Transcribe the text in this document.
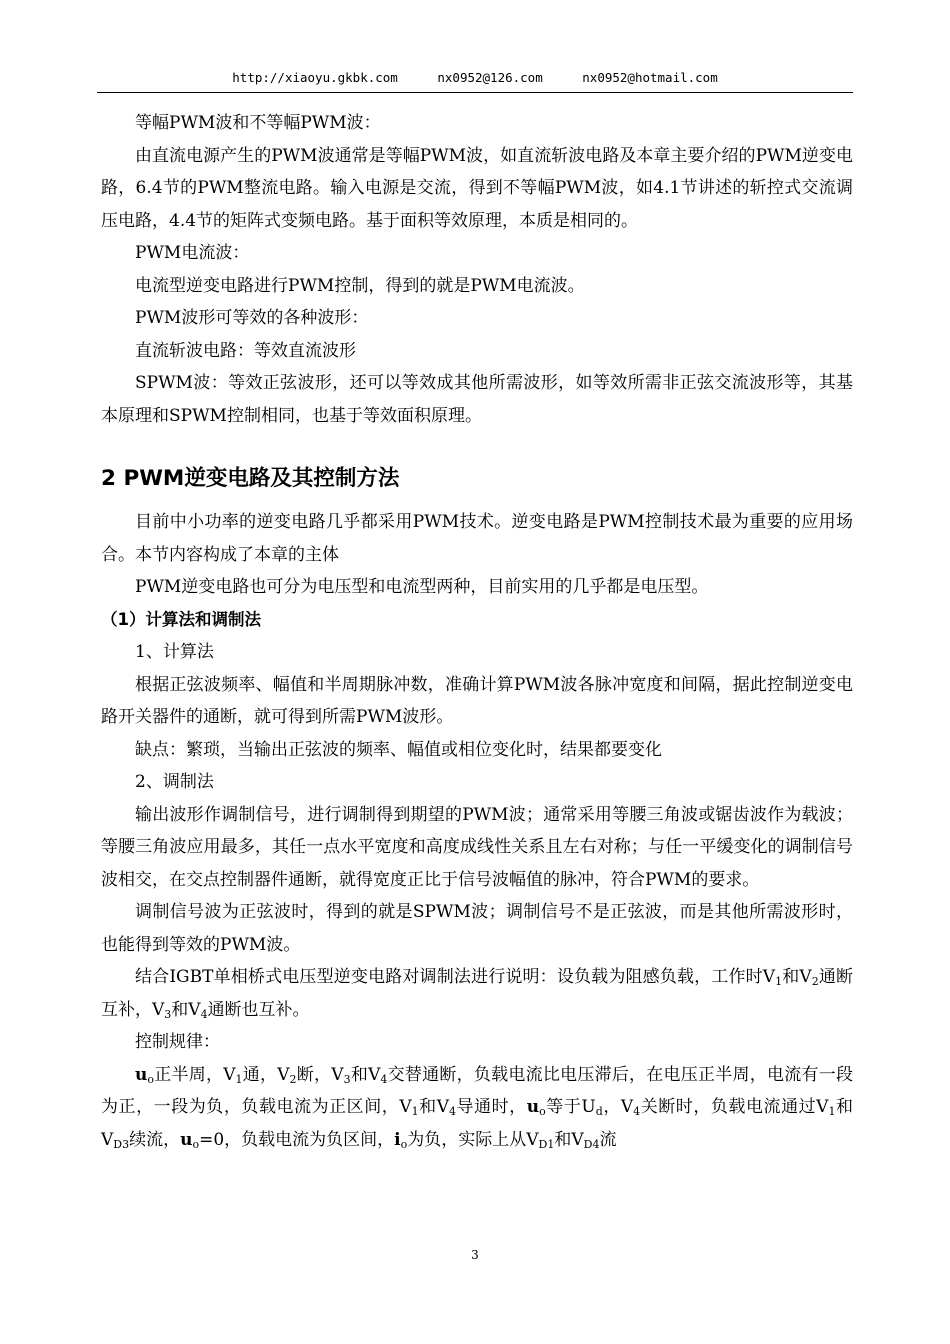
http://xiaoyu.gkbk.com	nx0952@126.com	nx0952@hotmail.com

等幅PWM波和不等幅PWM波：

由直流电源产生的PWM波通常是等幅PWM波，如直流斩波电路及本章主要介绍的PWM逆变电路，6.4节的PWM整流电路。输入电源是交流，得到不等幅PWM波，如4.1节讲述的斩控式交流调压电路，4.4节的矩阵式变频电路。基于面积等效原理，本质是相同的。

PWM电流波：

电流型逆变电路进行PWM控制，得到的就是PWM电流波。

PWM波形可等效的各种波形：

直流斩波电路：等效直流波形

SPWM波：等效正弦波形，还可以等效成其他所需波形，如等效所需非正弦交流波形等，其基本原理和SPWM控制相同，也基于等效面积原理。

2 PWM逆变电路及其控制方法

目前中小功率的逆变电路几乎都采用PWM技术。逆变电路是PWM控制技术最为重要的应用场合。本节内容构成了本章的主体

PWM逆变电路也可分为电压型和电流型两种，目前实用的几乎都是电压型。

（1）计算法和调制法

1、计算法

根据正弦波频率、幅值和半周期脉冲数，准确计算PWM波各脉冲宽度和间隔，据此控制逆变电路开关器件的通断，就可得到所需PWM波形。

缺点：繁琐，当输出正弦波的频率、幅值或相位变化时，结果都要变化

2、调制法

输出波形作调制信号，进行调制得到期望的PWM波；通常采用等腰三角波或锯齿波作为载波；等腰三角波应用最多，其任一点水平宽度和高度成线性关系且左右对称；与任一平缓变化的调制信号波相交，在交点控制器件通断，就得宽度正比于信号波幅值的脉冲，符合PWM的要求。

调制信号波为正弦波时，得到的就是SPWM波；调制信号不是正弦波，而是其他所需波形时，也能得到等效的PWM波。

结合IGBT单相桥式电压型逆变电路对调制法进行说明：设负载为阻感负载，工作时$V_1$和$V_2$通断互补，$V_3$和$V_4$通断也互补。

控制规律：

$u_o$正半周，$V_1$通，$V_2$断，$V_3$和$V_4$交替通断，负载电流比电压滞后，在电压正半周，电流有一段为正，一段为负，负载电流为正区间，$V_1$和$V_4$导通时，$u_o$等于$U_d$，$V_4$关断时，负载电流通过$V_1$和$V_{D3}$续流，$u_o=0$，负载电流为负区间，$i_o$为负，实际上从$V_{D1}$和$V_{D4}$流

3
